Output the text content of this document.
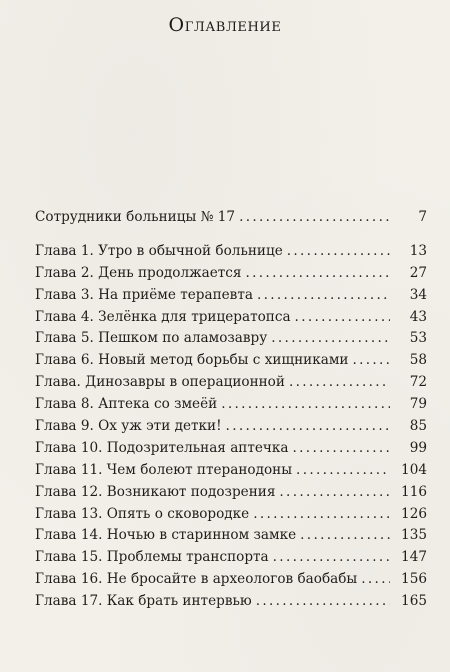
Оглавление
Сотрудники больницы № 17 . . .	7
Глава 1. Утро в обычной больнице . . .	13
Глава 2. День продолжается . . .	27
Глава 3. На приёме терапевта . . .	34
Глава 4. Зелёнка для трицератопса . . .	43
Глава 5. Пешком по аламозавру . . .	53
Глава 6. Новый метод борьбы с хищниками . . .	58
Глава. Динозавры в операционной . . .	72
Глава 8. Аптека со змеёй . . .	79
Глава 9. Ох уж эти детки! . . .	85
Глава 10. Подозрительная аптечка . . .	99
Глава 11. Чем болеют птеранодоны . . .	104
Глава 12. Возникают подозрения . . .	116
Глава 13. Опять о сковородке . . .	126
Глава 14. Ночью в старинном замке . . .	135
Глава 15. Проблемы транспорта . . .	147
Глава 16. Не бросайте в археологов баобабы . . .	156
Глава 17. Как брать интервью . . .	165
